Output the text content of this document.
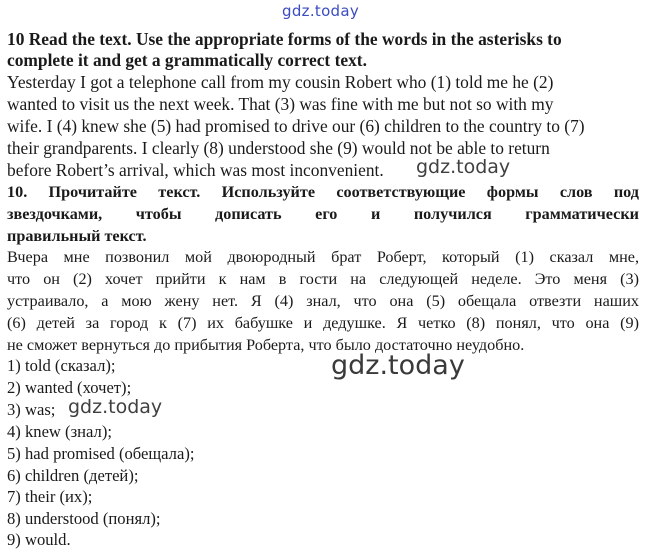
gdz.today
10 Read the text. Use the appropriate forms of the words in the asterisks to
complete it and get a grammatically correct text.
Yesterday I got a telephone call from my cousin Robert who (1) told me he (2)
wanted to visit us the next week. That (3) was fine with me but not so with my
wife. I (4) knew she (5) had promised to drive our (6) children to the country to (7)
their grandparents. I clearly (8) understood she (9) would not be able to return
before Robert’s arrival, which was most inconvenient. gdz.today
10. Прочитайте текст. Используйте соответствующие формы слов под
звездочками, чтобы дописать его и получился грамматически
правильный текст.
Вчера мне позвонил мой двоюродный брат Роберт, который (1) сказал мне,
что он (2) хочет прийти к нам в гости на следующей неделе. Это меня (3)
устраивало, а мою жену нет. Я (4) знал, что она (5) обещала отвезти наших
(6) детей за город к (7) их бабушке и дедушке. Я четко (8) понял, что она (9)
не сможет вернуться до прибытия Роберта, что было достаточно неудобно.
1) told (сказал);
2) wanted (хочет);
3) was;
4) knew (знал);
5) had promised (обещала);
6) children (детей);
7) their (их);
8) understood (понял);
9) would.
gdz.today
gdz.today
